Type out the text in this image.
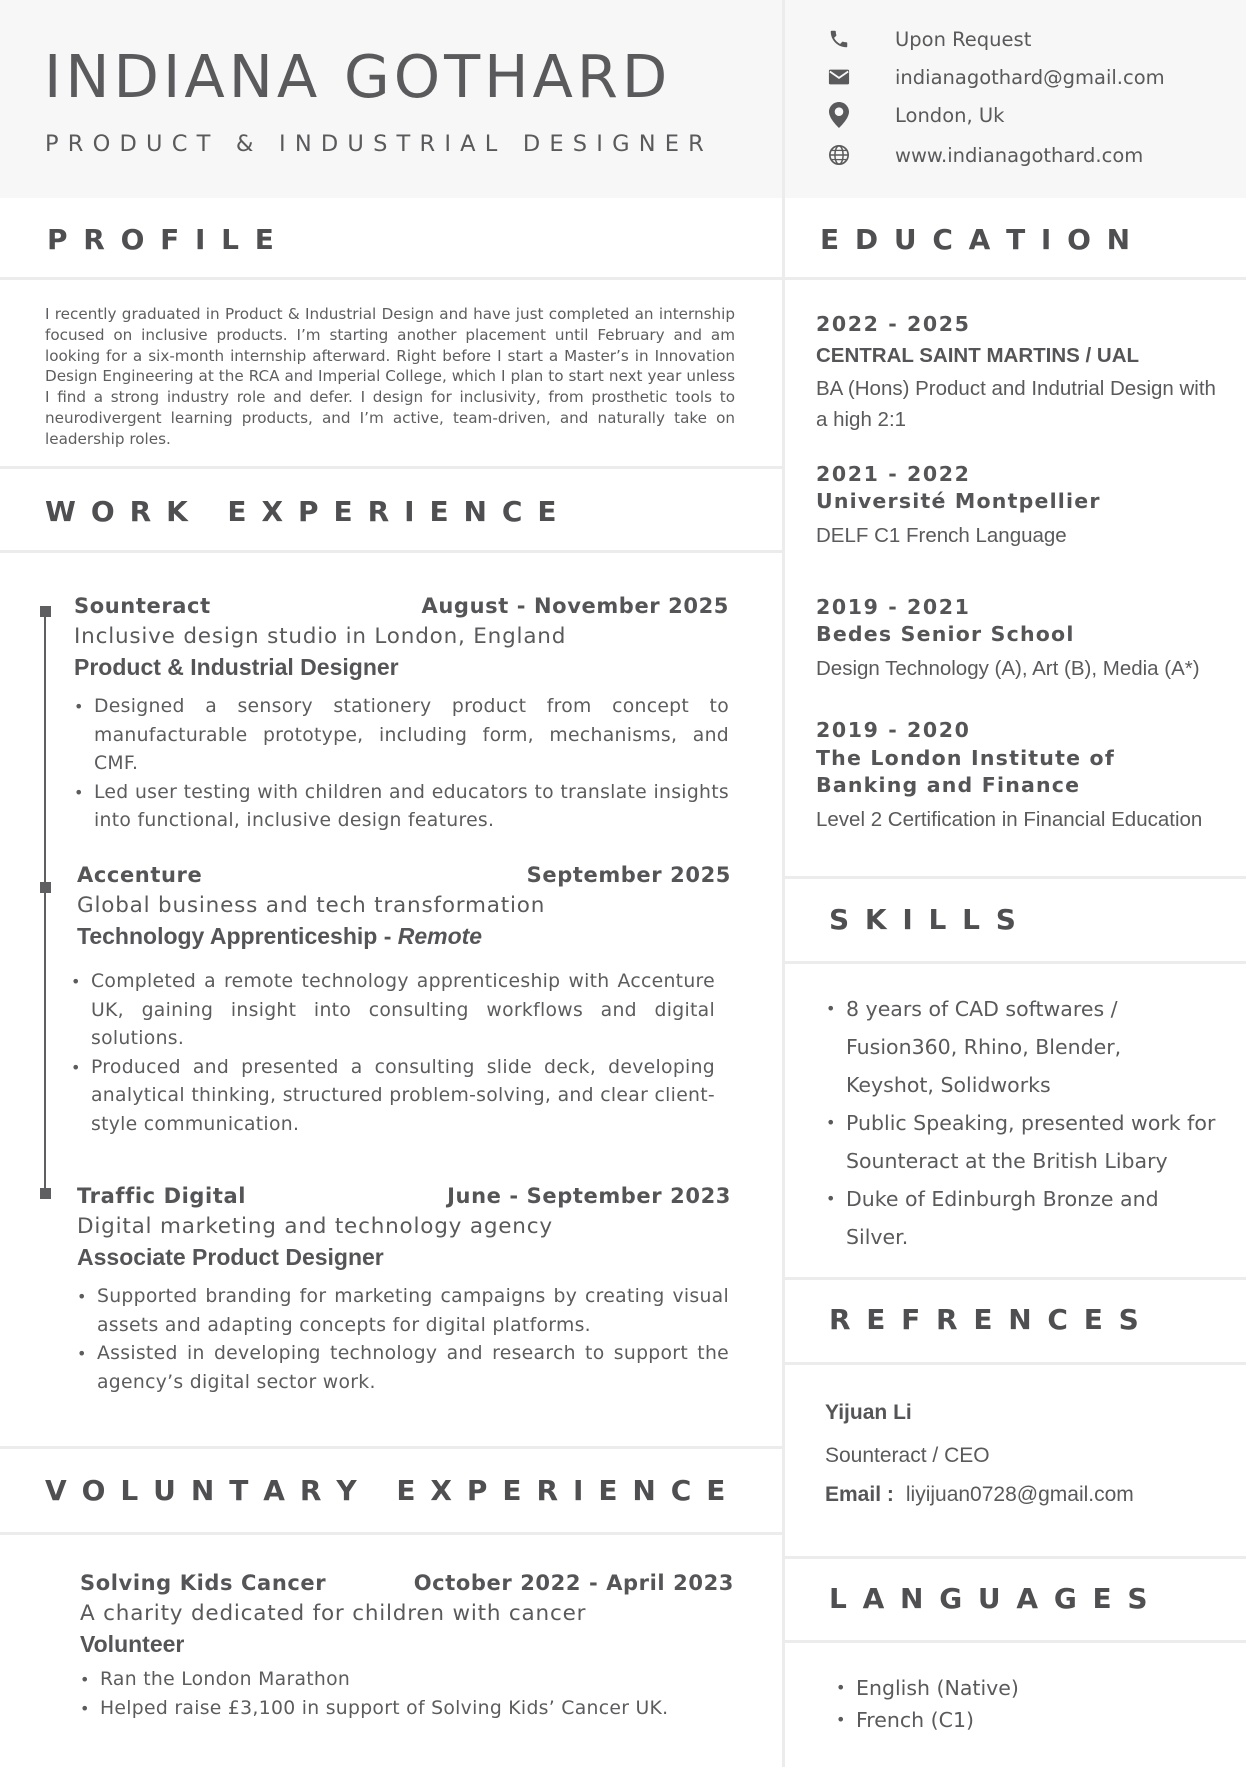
INDIANA GOTHARD
PRODUCT & INDUSTRIAL DESIGNER
Upon Request
indianagothard@gmail.com
London, Uk
www.indianagothard.com
P R O F I L E

I recently graduated in Product & Industrial Design and have just completed an internship focused on inclusive products. I’m starting another placement until February and am looking for a six-month internship afterward. Right before I start a Master’s in Innovation Design Engineering at the RCA and Imperial College, which I plan to start next year unless I find a strong industry role and defer. I design for inclusivity, from prosthetic tools to neurodivergent learning products, and I’m active, team-driven, and naturally take on leadership roles.

W O R K   E X P E R I E N C E
Sounteract	August - November 2025
Inclusive design studio in London, England
Product & Industrial Designer
• Designed a sensory stationery product from concept to manufacturable prototype, including form, mechanisms, and CMF.
• Led user testing with children and educators to translate insights into functional, inclusive design features.
Accenture	September 2025
Global business and tech transformation
Technology Apprenticeship - Remote
• Completed a remote technology apprenticeship with Accenture UK, gaining insight into consulting workflows and digital solutions.
• Produced and presented a consulting slide deck, developing analytical thinking, structured problem-solving, and clear client-style communication.
Traffic Digital	June - September 2023
Digital marketing and technology agency
Associate Product Designer
• Supported branding for marketing campaigns by creating visual assets and adapting concepts for digital platforms.
• Assisted in developing technology and research to support the agency’s digital sector work.
V O L U N T A R Y   E X P E R I E N C E
Solving Kids Cancer	October 2022 - April 2023
A charity dedicated for children with cancer
Volunteer
• Ran the London Marathon
• Helped raise £3,100 in support of Solving Kids’ Cancer UK.
E D U C A T I O N
2022 - 2025
CENTRAL SAINT MARTINS / UAL
BA (Hons) Product and Indutrial Design with a high 2:1
2021 - 2022
Université Montpellier
DELF C1 French Language
2019 - 2021
Bedes Senior School
Design Technology (A), Art (B), Media (A*)
2019 - 2020
The London Institute of Banking and Finance
Level 2 Certification in Financial Education
S K I L L S
• 8 years of CAD softwares / Fusion360, Rhino, Blender, Keyshot, Solidworks
• Public Speaking, presented work for Sounteract at the British Libary
• Duke of Edinburgh Bronze and Silver.
R E F R E N C E S
Yijuan Li
Sounteract / CEO
Email : liyijuan0728@gmail.com
L A N G U A G E S
• English (Native)
• French (C1)
